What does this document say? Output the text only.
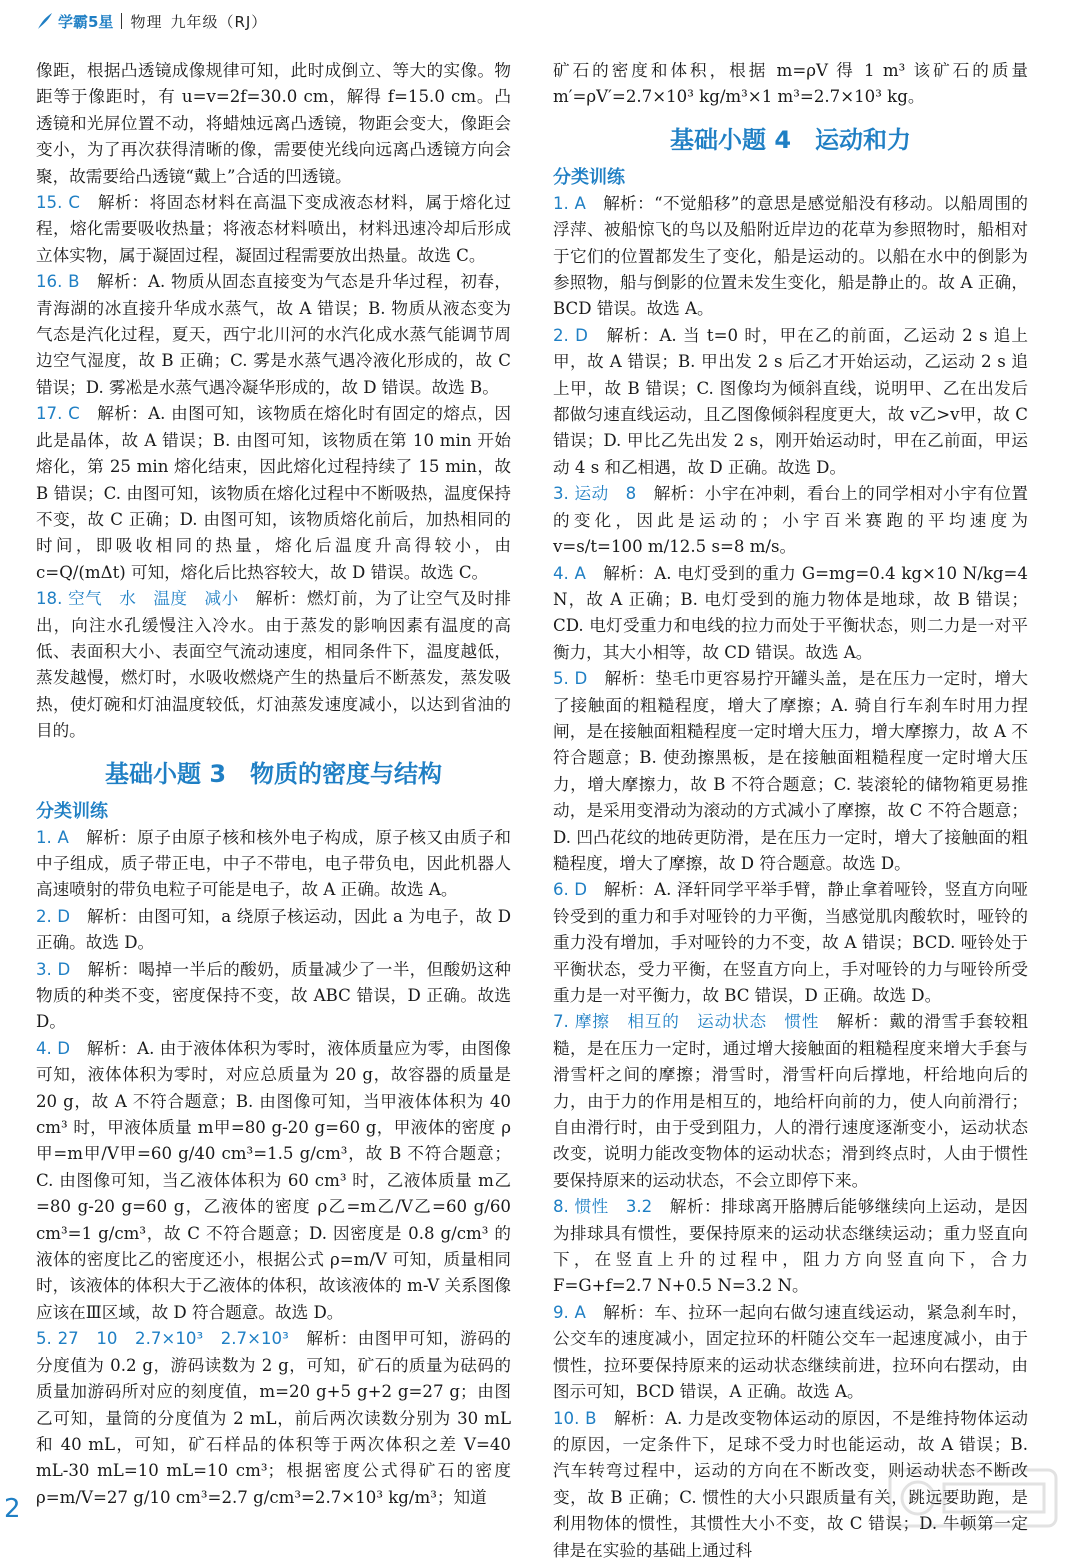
学霸5星 物理 九年级（RJ）

像距，根据凸透镜成像规律可知，此时成倒立、等大的实像。物距等于像距时，有 u=v=2f=30.0 cm，解得 f=15.0 cm。凸透镜和光屏位置不动，将蜡烛远离凸透镜，物距会变大，像距会变小，为了再次获得清晰的像，需要使光线向远离凸透镜方向会聚，故需要给凸透镜“戴上”合适的凹透镜。

15. C　 解析：将固态材料在高温下变成液态材料，属于熔化过程，熔化需要吸收热量；将液态材料喷出，材料迅速冷却后形成立体实物，属于凝固过程，凝固过程需要放出热量。故选 C。

16. B　 解析：A. 物质从固态直接变为气态是升华过程，初春，青海湖的冰直接升华成水蒸气，故 A 错误；B. 物质从液态变为气态是汽化过程，夏天，西宁北川河的水汽化成水蒸气能调节周边空气湿度，故 B 正确；C. 雾是水蒸气遇冷液化形成的，故 C 错误；D. 雾凇是水蒸气遇冷凝华形成的，故 D 错误。故选 B。

17. C　 解析：A. 由图可知，该物质在熔化时有固定的熔点，因此是晶体，故 A 错误；B. 由图可知，该物质在第 10 min 开始熔化，第 25 min 熔化结束，因此熔化过程持续了 15 min，故 B 错误；C. 由图可知，该物质在熔化过程中不断吸热，温度保持不变，故 C 正确；D. 由图可知，该物质熔化前后，加热相同的时间，即吸收相同的热量，熔化后温度升高得较小，由 c=Q/(mΔt) 可知，熔化后比热容较大，故 D 错误。故选 C。

18. 空气　水　温度　减小　 解析：燃灯前，为了让空气及时排出，向注水孔缓慢注入冷水。由于蒸发的影响因素有温度的高低、表面积大小、表面空气流动速度，相同条件下，温度越低，蒸发越慢，燃灯时，水吸收燃烧产生的热量后不断蒸发，蒸发吸热，使灯碗和灯油温度较低，灯油蒸发速度减小，以达到省油的目的。

基础小题 3　物质的密度与结构
分类训练

1. A　 解析：原子由原子核和核外电子构成，原子核又由质子和中子组成，质子带正电，中子不带电，电子带负电，因此机器人高速喷射的带负电粒子可能是电子，故 A 正确。故选 A。

2. D　 解析：由图可知，a 绕原子核运动，因此 a 为电子，故 D 正确。故选 D。

3. D　 解析：喝掉一半后的酸奶，质量减少了一半，但酸奶这种物质的种类不变，密度保持不变，故 ABC 错误，D 正确。故选 D。

4. D　 解析：A. 由于液体体积为零时，液体质量应为零，由图像可知，液体体积为零时，对应总质量为 20 g，故容器的质量是 20 g，故 A 不符合题意；B. 由图像可知，当甲液体体积为 40 cm³ 时，甲液体质量 m甲=80 g-20 g=60 g，甲液体的密度 ρ甲=m甲/V甲=60 g/40 cm³=1.5 g/cm³，故 B 不符合题意；C. 由图像可知，当乙液体体积为 60 cm³ 时，乙液体质量 m乙=80 g-20 g=60 g，乙液体的密度 ρ乙=m乙/V乙=60 g/60 cm³=1 g/cm³，故 C 不符合题意；D. 因密度是 0.8 g/cm³ 的液体的密度比乙的密度还小，根据公式 ρ=m/V 可知，质量相同时，该液体的体积大于乙液体的体积，故该液体的 m-V 关系图像应该在Ⅲ区域，故 D 符合题意。故选 D。

5. 27　10　2.7×10³　2.7×10³　 解析：由图甲可知，游码的分度值为 0.2 g，游码读数为 2 g，可知，矿石的质量为砝码的质量加游码所对应的刻度值，m=20 g+5 g+2 g=27 g；由图乙可知，量筒的分度值为 2 mL，前后两次读数分别为 30 mL 和 40 mL，可知，矿石样品的体积等于两次体积之差 V=40 mL-30 mL=10 mL=10 cm³；根据密度公式得矿石的密度 ρ=m/V=27 g/10 cm³=2.7 g/cm³=2.7×10³ kg/m³；知道

矿石的密度和体积，根据 m=ρV 得 1 m³ 该矿石的质量 m′=ρV′=2.7×10³ kg/m³×1 m³=2.7×10³ kg。

基础小题 4　运动和力
分类训练

1. A　 解析：“不觉船移”的意思是感觉船没有移动。以船周围的浮萍、被船惊飞的鸟以及船附近岸边的花草为参照物时，船相对于它们的位置都发生了变化，船是运动的。以船在水中的倒影为参照物，船与倒影的位置未发生变化，船是静止的。故 A 正确，BCD 错误。故选 A。

2. D　 解析：A. 当 t=0 时，甲在乙的前面，乙运动 2 s 追上甲，故 A 错误；B. 甲出发 2 s 后乙才开始运动，乙运动 2 s 追上甲，故 B 错误；C. 图像均为倾斜直线，说明甲、乙在出发后都做匀速直线运动，且乙图像倾斜程度更大，故 v乙>v甲，故 C 错误；D. 甲比乙先出发 2 s，刚开始运动时，甲在乙前面，甲运动 4 s 和乙相遇，故 D 正确。故选 D。

3. 运动　8　 解析：小宇在冲刺，看台上的同学相对小宇有位置的变化，因此是运动的；小宇百米赛跑的平均速度为 v=s/t=100 m/12.5 s=8 m/s。

4. A　 解析：A. 电灯受到的重力 G=mg=0.4 kg×10 N/kg=4 N，故 A 正确；B. 电灯受到的施力物体是地球，故 B 错误；CD. 电灯受重力和电线的拉力而处于平衡状态，则二力是一对平衡力，其大小相等，故 CD 错误。故选 A。

5. D　 解析：垫毛巾更容易拧开罐头盖，是在压力一定时，增大了接触面的粗糙程度，增大了摩擦；A. 骑自行车刹车时用力捏闸，是在接触面粗糙程度一定时增大压力，增大摩擦力，故 A 不符合题意；B. 使劲擦黑板，是在接触面粗糙程度一定时增大压力，增大摩擦力，故 B 不符合题意；C. 装滚轮的储物箱更易推动，是采用变滑动为滚动的方式减小了摩擦，故 C 不符合题意；D. 凹凸花纹的地砖更防滑，是在压力一定时，增大了接触面的粗糙程度，增大了摩擦，故 D 符合题意。故选 D。

6. D　 解析：A. 泽轩同学平举手臂，静止拿着哑铃，竖直方向哑铃受到的重力和手对哑铃的力平衡，当感觉肌肉酸软时，哑铃的重力没有增加，手对哑铃的力不变，故 A 错误；BCD. 哑铃处于平衡状态，受力平衡，在竖直方向上，手对哑铃的力与哑铃所受重力是一对平衡力，故 BC 错误，D 正确。故选 D。

7. 摩擦　相互的　运动状态　惯性　 解析：戴的滑雪手套较粗糙，是在压力一定时，通过增大接触面的粗糙程度来增大手套与滑雪杆之间的摩擦；滑雪时，滑雪杆向后撑地，杆给地向后的力，由于力的作用是相互的，地给杆向前的力，使人向前滑行；自由滑行时，由于受到阻力，人的滑行速度逐渐变小，运动状态改变，说明力能改变物体的运动状态；滑到终点时，人由于惯性要保持原来的运动状态，不会立即停下来。

8. 惯性　3.2　 解析：排球离开胳膊后能够继续向上运动，是因为排球具有惯性，要保持原来的运动状态继续运动；重力竖直向下，在竖直上升的过程中，阻力方向竖直向下，合力 F=G+f=2.7 N+0.5 N=3.2 N。

9. A　 解析：车、拉环一起向右做匀速直线运动，紧急刹车时，公交车的速度减小，固定拉环的杆随公交车一起速度减小，由于惯性，拉环要保持原来的运动状态继续前进，拉环向右摆动，由图示可知，BCD 错误，A 正确。故选 A。

10. B　 解析：A. 力是改变物体运动的原因，不是维持物体运动的原因，一定条件下，足球不受力时也能运动，故 A 错误；B. 汽车转弯过程中，运动的方向在不断改变，则运动状态不断改变，故 B 正确；C. 惯性的大小只跟质量有关，跳远要助跑，是利用物体的惯性，其惯性大小不变，故 C 错误；D. 牛顿第一定律是在实验的基础上通过科

2
